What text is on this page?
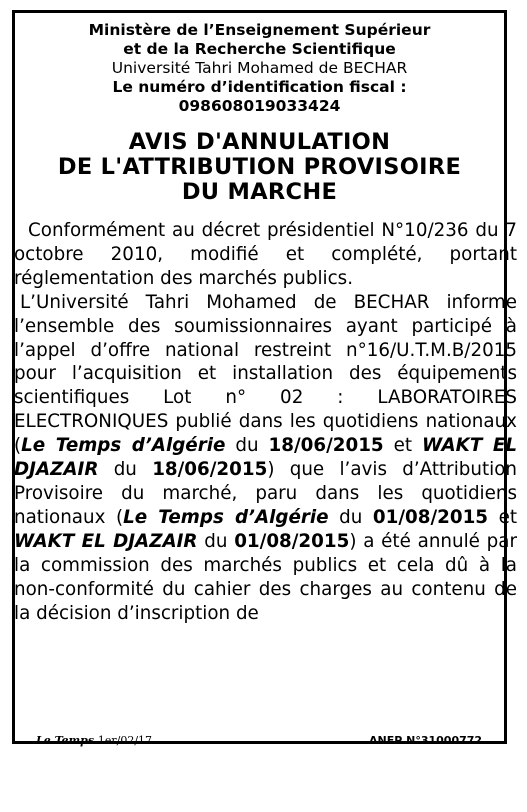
Ministère de l’Enseignement Supérieur
et de la Recherche Scientifique
Université Tahri Mohamed de BECHAR
Le numéro d’identification fiscal :
098608019033424
AVIS D'ANNULATION
DE L'ATTRIBUTION PROVISOIRE
DU MARCHE

Conformément au décret présidentiel N°10/236 du 7 octobre 2010, modifié et complété, portant réglementation des marchés publics.

L’Université Tahri Mohamed de BECHAR informe l’ensemble des soumissionnaires ayant participé à l’appel d’offre national restreint n°16/U.T.M.B/2015 pour l’acquisition et installation des équipements scientifiques Lot n° 02 : LABORATOIRES ELECTRONIQUES publié dans les quotidiens nationaux (Le Temps d’Algérie du 18/06/2015 et WAKT EL DJAZAIR du 18/06/2015) que l’avis d’Attribution Provisoire du marché, paru dans les quotidiens nationaux (Le Temps d’Algérie du 01/08/2015 et WAKT EL DJAZAIR du 01/08/2015) a été annulé par la commission des marchés publics et cela dû à la non-conformité du cahier des charges au contenu de la décision d’inscription de

Le Temps 1er/02/17	ANEP N°31000772
